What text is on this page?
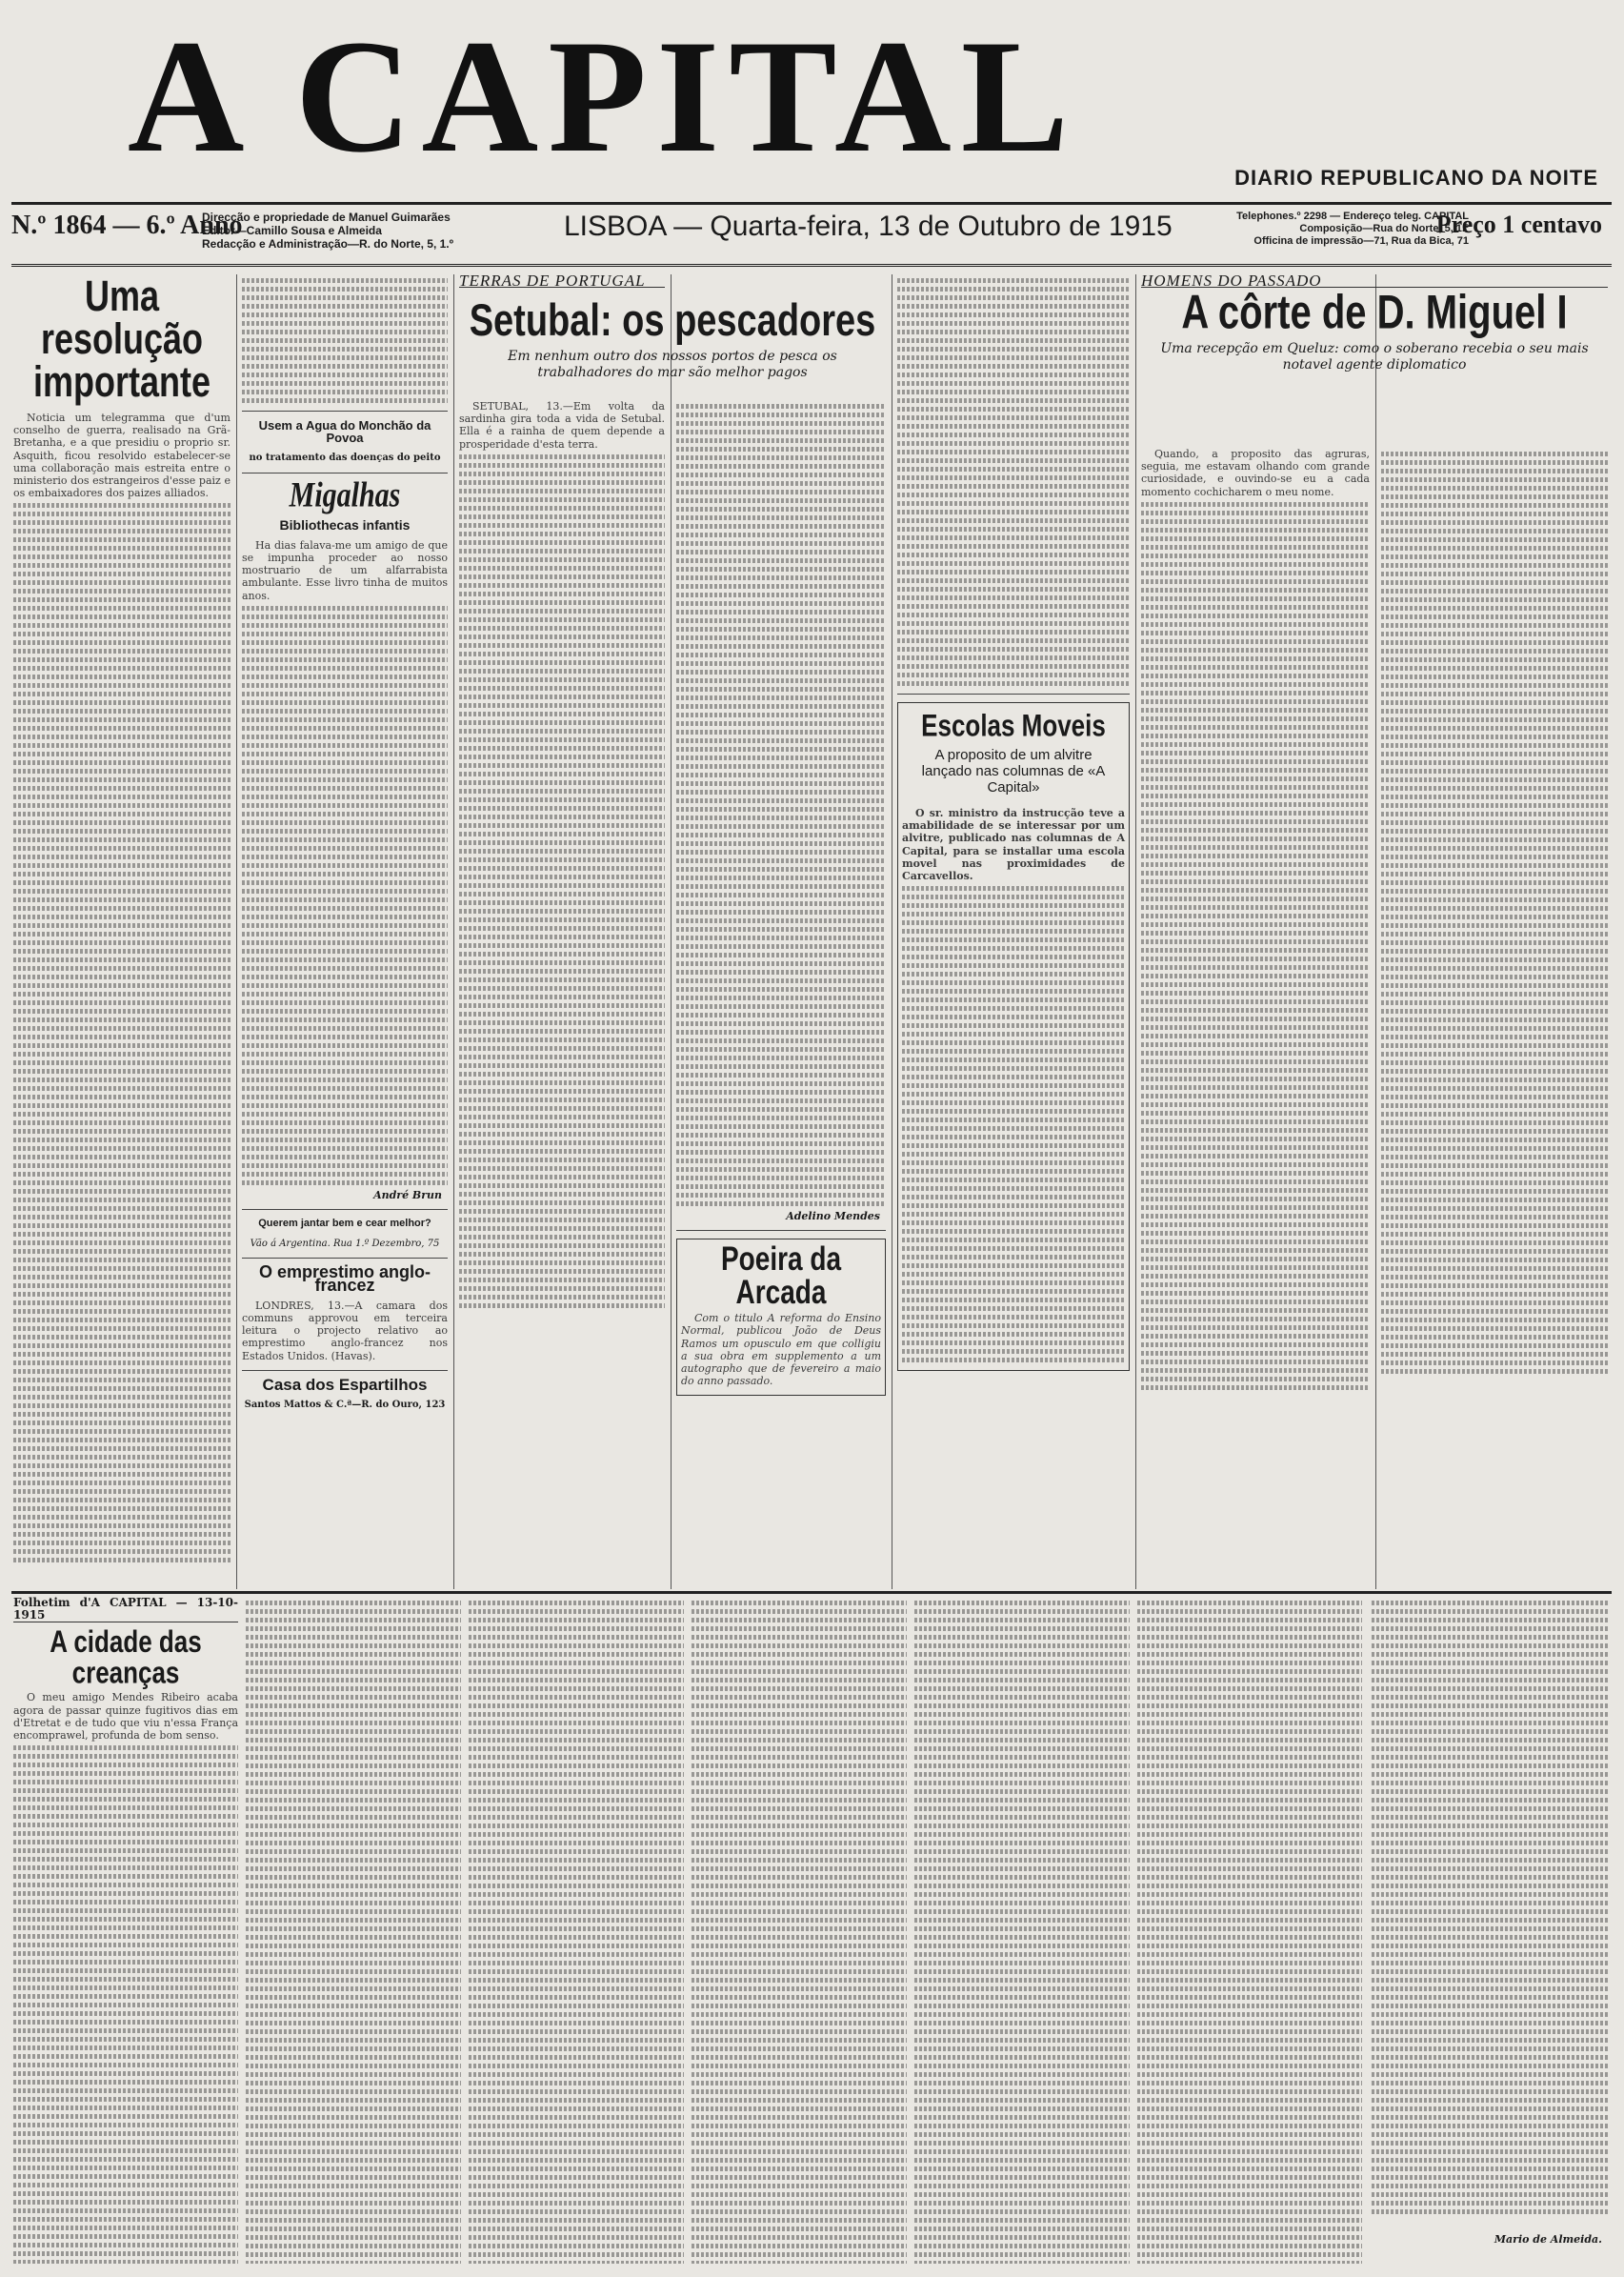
A CAPITAL	DIARIO REPUBLICANO DA NOITE
N.º 1864 — 6.º Anno
Direcção e propriedade de Manuel Guimarães
Editor—Camillo Sousa e Almeida
Redacção e Administração—R. do Norte, 5, 1.º
LISBOA — Quarta-feira, 13 de Outubro de 1915	Telephones.º 2298 — Endereço teleg. CAPITAL
Composição—Rua do Norte, 5, 1.º
Officina de impressão—71, Rua da Bica, 71
Preço 1 centavo
Uma resolução importante

Noticia um telegramma que d'um conselho de guerra, realisado na Grã-Bretanha, e a que presidiu o proprio sr. Asquith, ficou resolvido estabelecer-se uma collaboração mais estreita entre o ministerio dos estrangeiros d'esse paiz e os embaixadores dos paizes alliados.

Usem a Agua do Monchão da Povoa
no tratamento das doenças do peito
Migalhas
Bibliothecas infantis

Ha dias falava-me um amigo de que se impunha proceder ao nosso mostruario de um alfarrabista ambulante. Esse livro tinha de muitos anos.

André Brun
Querem jantar bem e cear melhor?
Vão á Argentina. Rua 1.º Dezembro, 75
O emprestimo anglo-francez

LONDRES, 13.—A camara dos communs approvou em terceira leitura o projecto relativo ao emprestimo anglo-francez nos Estados Unidos. (Havas).

Casa dos Espartilhos
Santos Mattos & C.ª—R. do Ouro, 123
TERRAS DE PORTUGAL
Setubal: os pescadores
Em nenhum outro dos nossos portos de pesca os trabalhadores do mar são melhor pagos

SETUBAL, 13.—Em volta da sardinha gira toda a vida de Setubal. Ella é a rainha de quem depende a prosperidade d'esta terra.

Adelino Mendes
Poeira da Arcada

Com o titulo A reforma do Ensino Normal, publicou João de Deus Ramos um opusculo em que colligiu a sua obra em supplemento a um autographo que de fevereiro a maio do anno passado.

Escolas Moveis
A proposito de um alvitre lançado nas columnas de «A Capital»

O sr. ministro da instrucção teve a amabilidade de se interessar por um alvitre, publicado nas columnas de A Capital, para se installar uma escola movel nas proximidades de Carcavellos.

HOMENS DO PASSADO
A côrte de D. Miguel I
Uma recepção em Queluz: como o soberano recebia o seu mais notavel agente diplomatico

Quando, a proposito das agruras, seguia, me estavam olhando com grande curiosidade, e ouvindo-se eu a cada momento cochicharem o meu nome.

Folhetim d'A CAPITAL — 13-10-1915
A cidade das creanças

O meu amigo Mendes Ribeiro acaba agora de passar quinze fugitivos dias em d'Etretat e de tudo que viu n'essa França encomprawel, profunda de bom senso.

Mario de Almeida.
